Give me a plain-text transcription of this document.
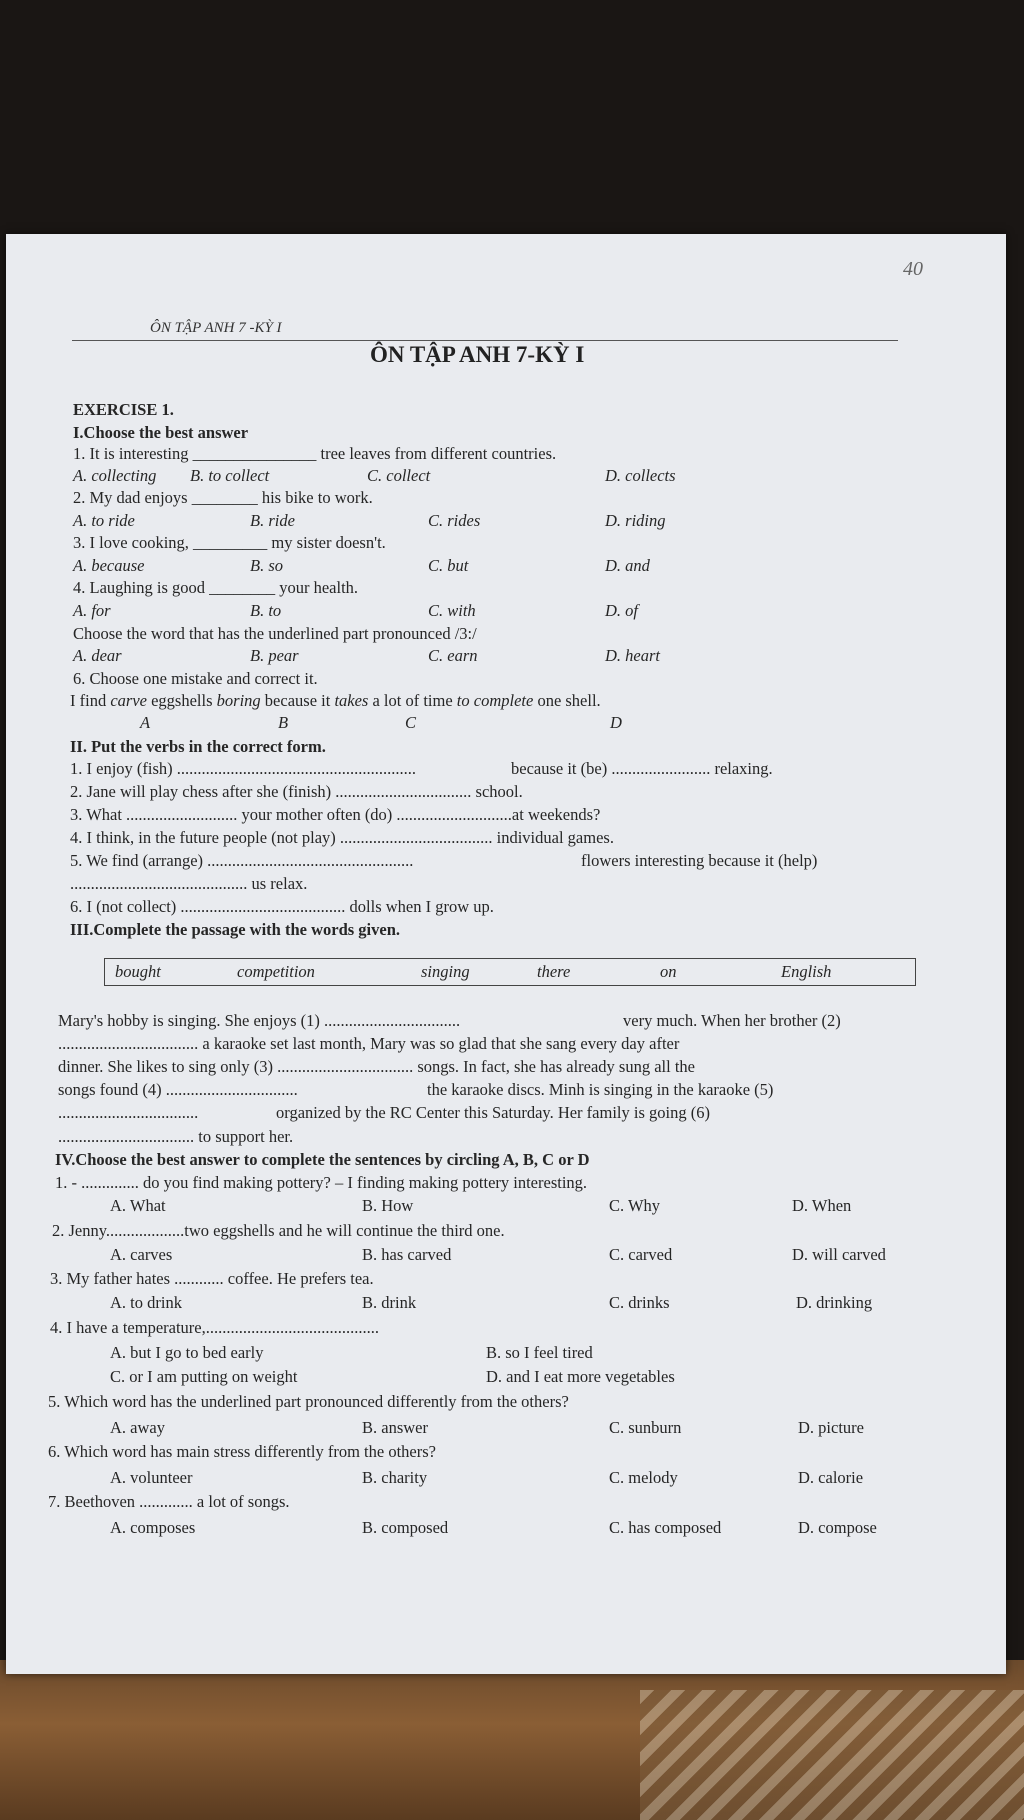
40
ÔN TẬP ANH 7 -KỲ I
ÔN TẬP ANH 7-KỲ I
EXERCISE 1.
I.Choose the best answer
1. It is interesting _______________ tree leaves from different countries.
A. collecting B. to collect	C. collect	D. collects
2. My dad enjoys ________ his bike to work.
A. to ride	B. ride	C. rides	D. riding
3. I love cooking, _________ my sister doesn't.
A. because	B. so	C. but	D. and
4. Laughing is good ________ your health.
A. for	B. to	C. with	D. of
Choose the word that has the underlined part pronounced /3:/
A. dear	B. pear	C. earn	D. heart
6. Choose one mistake and correct it.
I find carve eggshells boring because it takes a lot of time to complete one shell.
A	B	C	D
II. Put the verbs in the correct form.
1. I enjoy (fish) ..........................................................	because it (be) ........................ relaxing.
2. Jane will play chess after she (finish) ................................. school.
3. What ........................... your mother often (do) ............................at weekends?
4. I think, in the future people (not play) ..................................... individual games.
5. We find (arrange) ..................................................	flowers interesting because it (help)
........................................... us relax.
6. I (not collect) ........................................ dolls when I grow up.
III.Complete the passage with the words given.
bought	competition	singing	there	on	English
Mary's hobby is singing. She enjoys (1) .................................	very much. When her brother (2)
.................................. a karaoke set last month, Mary was so glad that she sang every day after
dinner. She likes to sing only (3) ................................. songs. In fact, she has already sung all the
songs found (4) ................................	the karaoke discs. Minh is singing in the karaoke (5)
..................................	organized by the RC Center this Saturday. Her family is going (6)
................................. to support her.
IV.Choose the best answer to complete the sentences by circling A, B, C or D
1. - .............. do you find making pottery? – I finding making pottery interesting.
A. What	B. How	C. Why	D. When
2. Jenny...................two eggshells and he will continue the third one.
A. carves	B. has carved	C. carved	D. will carved
3. My father hates ............ coffee. He prefers tea.
A. to drink	B. drink	C. drinks	D. drinking
4. I have a temperature,..........................................
A. but I go to bed early	B. so I feel tired
C. or I am putting on weight	D. and I eat more vegetables
5. Which word has the underlined part pronounced differently from the others?
A. away	B. answer	C. sunburn	D. picture
6. Which word has main stress differently from the others?
A. volunteer	B. charity	C. melody	D. calorie
7. Beethoven ............. a lot of songs.
A. composes	B. composed	C. has composed	D. compose
